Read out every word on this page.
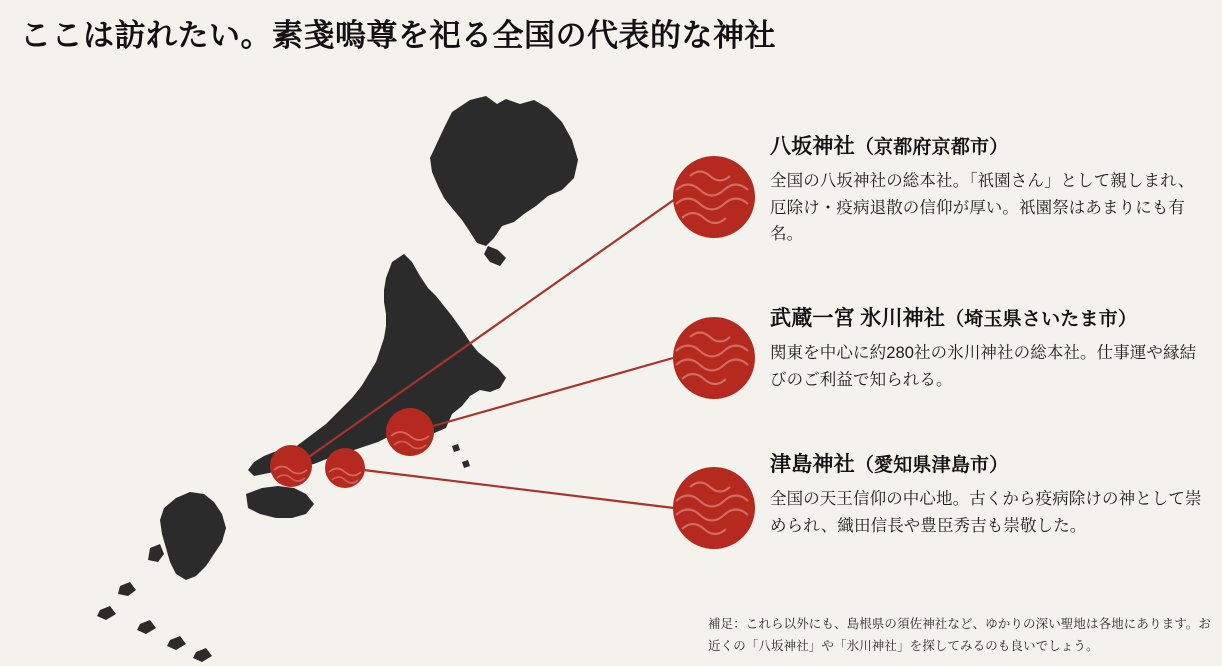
ここは訪れたい。素戔嗚尊を祀る全国の代表的な神社
八坂神社（京都府京都市）
全国の八坂神社の総本社。「祇園さん」として親しまれ、厄除け・疫病退散の信仰が厚い。祇園祭はあまりにも有名。
武蔵一宮 氷川神社（埼玉県さいたま市）
関東を中心に約280社の氷川神社の総本社。仕事運や縁結びのご利益で知られる。
津島神社（愛知県津島市）
全国の天王信仰の中心地。古くから疫病除けの神として崇められ、織田信長や豊臣秀吉も崇敬した。
補足：これら以外にも、島根県の須佐神社など、ゆかりの深い聖地は各地にあります。お近くの「八坂神社」や「氷川神社」を探してみるのも良いでしょう。
